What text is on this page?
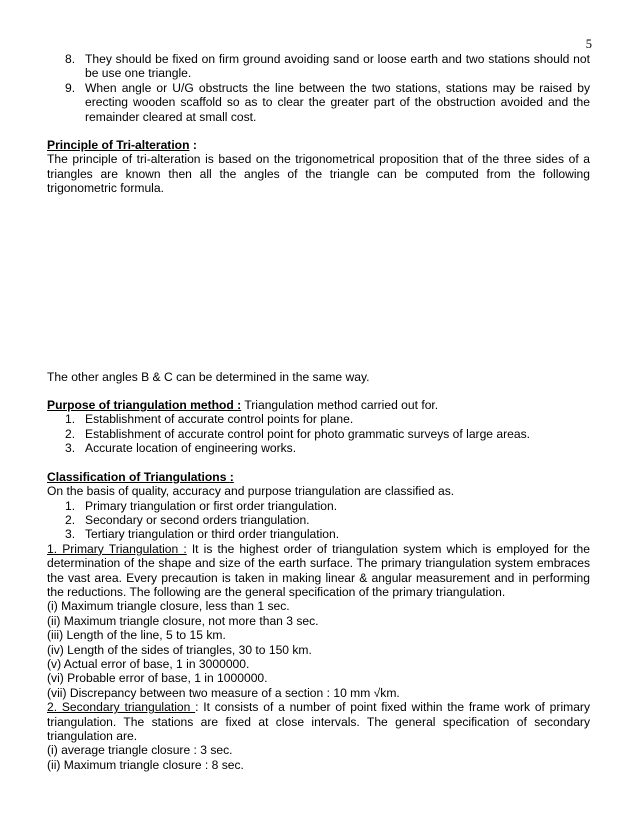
5
8. They should be fixed on firm ground avoiding sand or loose earth and two stations should not be use one triangle.
9. When angle or U/G obstructs the line between the two stations, stations may be raised by erecting wooden scaffold so as to clear the greater part of the obstruction avoided and the remainder cleared at small cost.
Principle of Tri-alteration :
The principle of tri-alteration is based on the trigonometrical proposition that of the three sides of a triangles are known then all the angles of the triangle can be computed from the following trigonometric formula.
The other angles B & C can be determined in the same way.
Purpose of triangulation method : Triangulation method carried out for.
1. Establishment of accurate control points for plane.
2. Establishment of accurate control point for photo grammatic surveys of large areas.
3. Accurate location of engineering works.
Classification of Triangulations :
On the basis of quality, accuracy and purpose triangulation are classified as.
1. Primary triangulation or first order triangulation.
2. Secondary or second orders triangulation.
3. Tertiary triangulation or third order triangulation.
1. Primary Triangulation : It is the highest order of triangulation system which is employed for the determination of the shape and size of the earth surface. The primary triangulation system embraces the vast area. Every precaution is taken in making linear & angular measurement and in performing the reductions. The following are the general specification of the primary triangulation.
(i) Maximum triangle closure, less than 1 sec.
(ii) Maximum triangle closure, not more than 3 sec.
(iii) Length of the line, 5 to 15 km.
(iv) Length of the sides of triangles, 30 to 150 km.
(v) Actual error of base, 1 in 3000000.
(vi) Probable error of base, 1 in 1000000.
(vii) Discrepancy between two measure of a section : 10 mm √km.
2. Secondary triangulation : It consists of a number of point fixed within the frame work of primary triangulation. The stations are fixed at close intervals. The general specification of secondary triangulation are.
(i) average triangle closure : 3 sec.
(ii) Maximum triangle closure : 8 sec.
